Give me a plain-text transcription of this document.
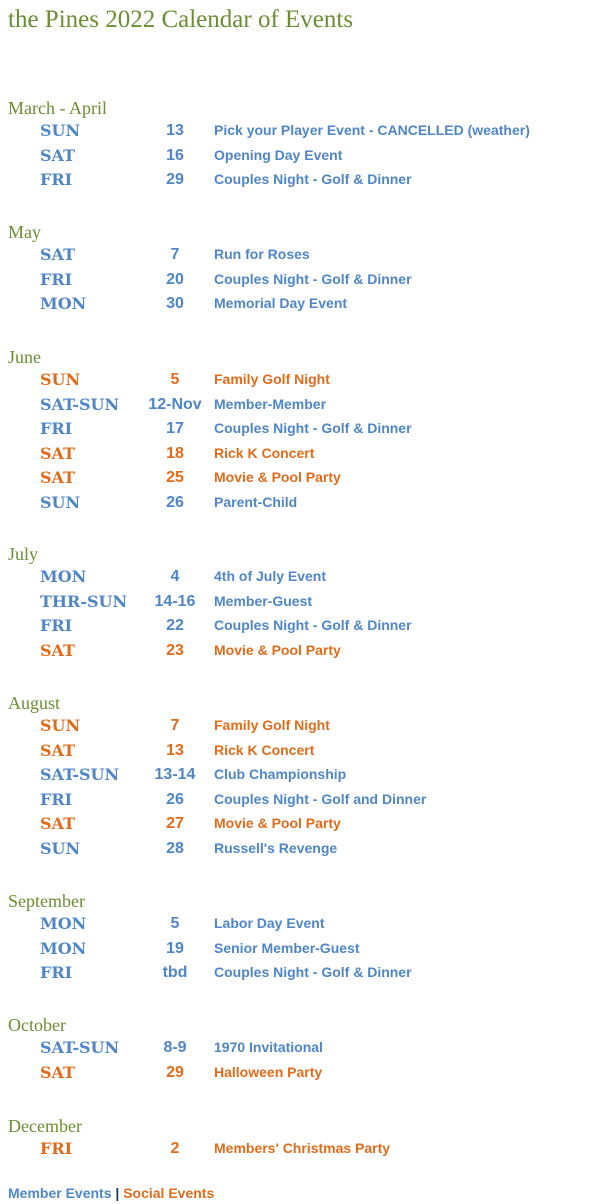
the Pines 2022 Calendar of Events
March - April
SUN	13	Pick your Player Event - CANCELLED (weather)
SAT	16	Opening Day Event
FRI	29	Couples Night - Golf & Dinner
May
SAT	7	Run for Roses
FRI	20	Couples Night - Golf & Dinner
MON	30	Memorial Day Event
June
SUN	5	Family Golf Night
SAT-SUN	12-Nov Member-Member
FRI	17	Couples Night - Golf & Dinner
SAT	18	Rick K Concert
SAT	25	Movie & Pool Party
SUN	26	Parent-Child
July
MON	4	4th of July Event
THR-SUN	14-16	Member-Guest
FRI	22	Couples Night - Golf & Dinner
SAT	23	Movie & Pool Party
August
SUN	7	Family Golf Night
SAT	13	Rick K Concert
SAT-SUN	13-14	Club Championship
FRI	26	Couples Night - Golf and Dinner
SAT	27	Movie & Pool Party
SUN	28	Russell's Revenge
September
MON	5	Labor Day Event
MON	19	Senior Member-Guest
FRI	tbd	Couples Night - Golf & Dinner
October
SAT-SUN	8-9	1970 Invitational
SAT	29	Halloween Party
December
FRI	2	Members' Christmas Party
Member Events | Social Events
